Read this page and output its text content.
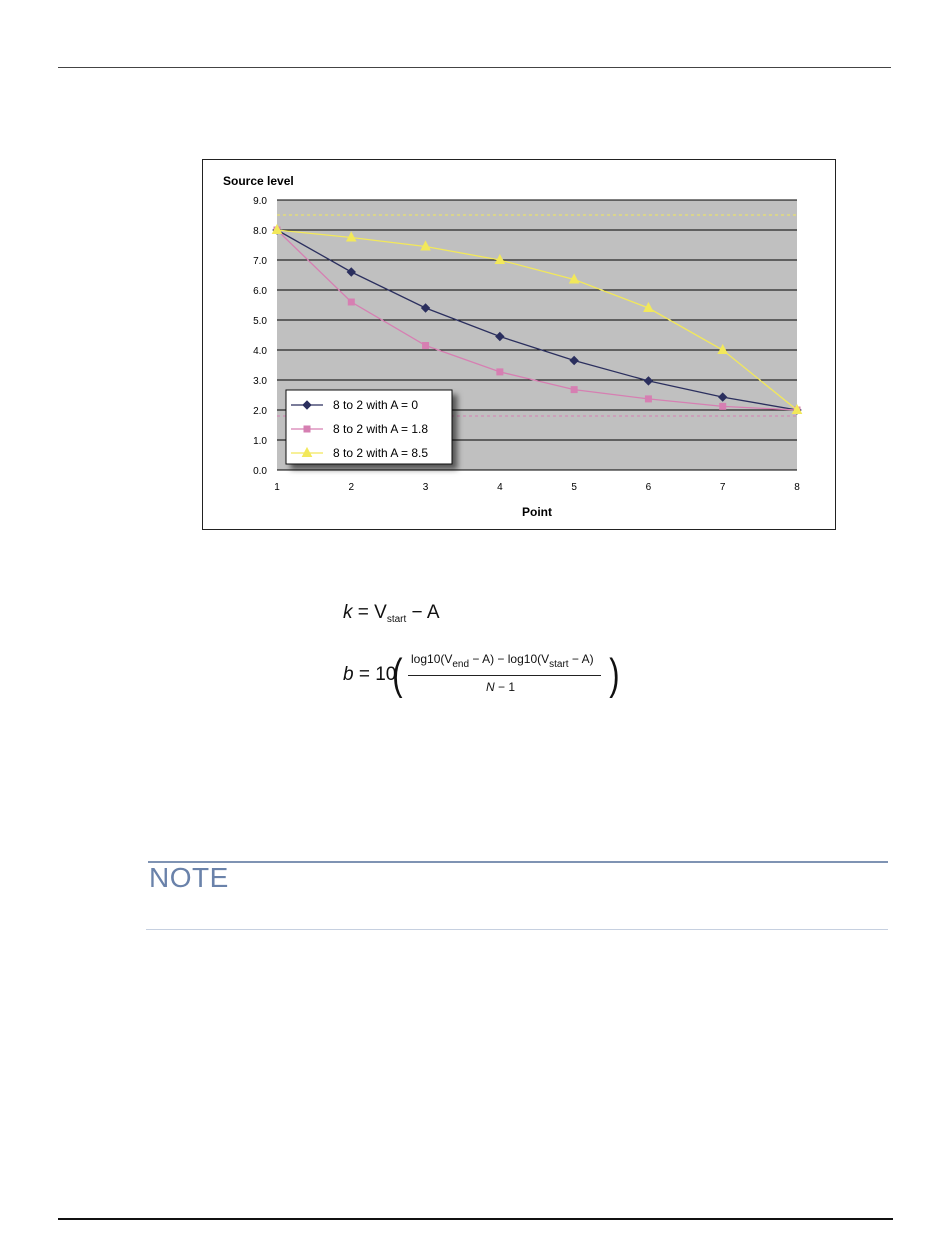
0.0
1.0
2.0
3.0
4.0
5.0
6.0
7.0
8.0
9.0
1	2	3	4	5	6	7	8
Source level
Point
8 to 2 with A = 0
8 to 2 with A = 1.8
8 to 2 with A = 8.5
$k = V_{start} - A$
b = 10
( $\log 10(V_{end} - A) - \log 10(V_{start} - A)$
N − 1 )
NOTE
